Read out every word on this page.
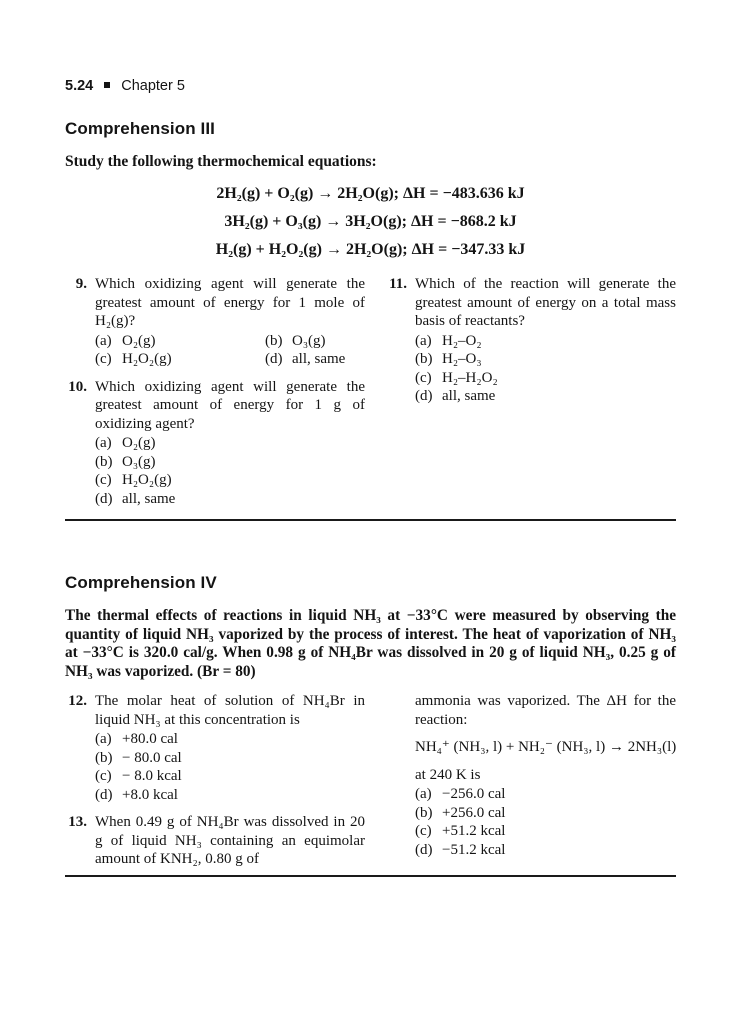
5.24 Chapter 5
Comprehension III

Study the following thermochemical equations:

2H₂(g) + O₂(g) → 2H₂O(g); ΔH = −483.636 kJ
3H₂(g) + O₃(g) → 3H₂O(g); ΔH = −868.2 kJ
H₂(g) + H₂O₂(g) → 2H₂O(g); ΔH = −347.33 kJ
9. Which oxidizing agent will generate the greatest amount of energy for 1 mole of H₂(g)?

(a) O₂(g)	(b) O₃(g)
(c) H₂O₂(g)	(d) all, same
10. Which oxidizing agent will generate the greatest amount of energy for 1 g of oxidizing agent?

(a) O₂(g)
(b) O₃(g)
(c) H₂O₂(g)
(d) all, same
11. Which of the reaction will generate the greatest amount of energy on a total mass basis of reactants?

(a) H₂–O₂
(b) H₂–O₃
(c) H₂–H₂O₂
(d) all, same
Comprehension IV

The thermal effects of reactions in liquid NH₃ at −33°C were measured by observing the quantity of liquid NH₃ vaporized by the process of interest. The heat of vaporization of NH₃ at −33°C is 320.0 cal/g. When 0.98 g of NH₄Br was dissolved in 20 g of liquid NH₃, 0.25 g of NH₃ was vaporized. (Br = 80)

12. The molar heat of solution of NH₄Br in liquid NH₃ at this concentration is

(a) +80.0 cal
(b) − 80.0 cal
(c) − 8.0 kcal
(d) +8.0 kcal
13. When 0.49 g of NH₄Br was dissolved in 20 g of liquid NH₃ containing an equimolar amount of KNH₂, 0.80 g of

ammonia was vaporized. The ΔH for the reaction:

NH₄⁺ (NH₃, l) + NH₂⁻ (NH₃, l) → 2NH₃(l)

at 240 K is

(a) −256.0 cal
(b) +256.0 cal
(c) +51.2 kcal
(d) −51.2 kcal
